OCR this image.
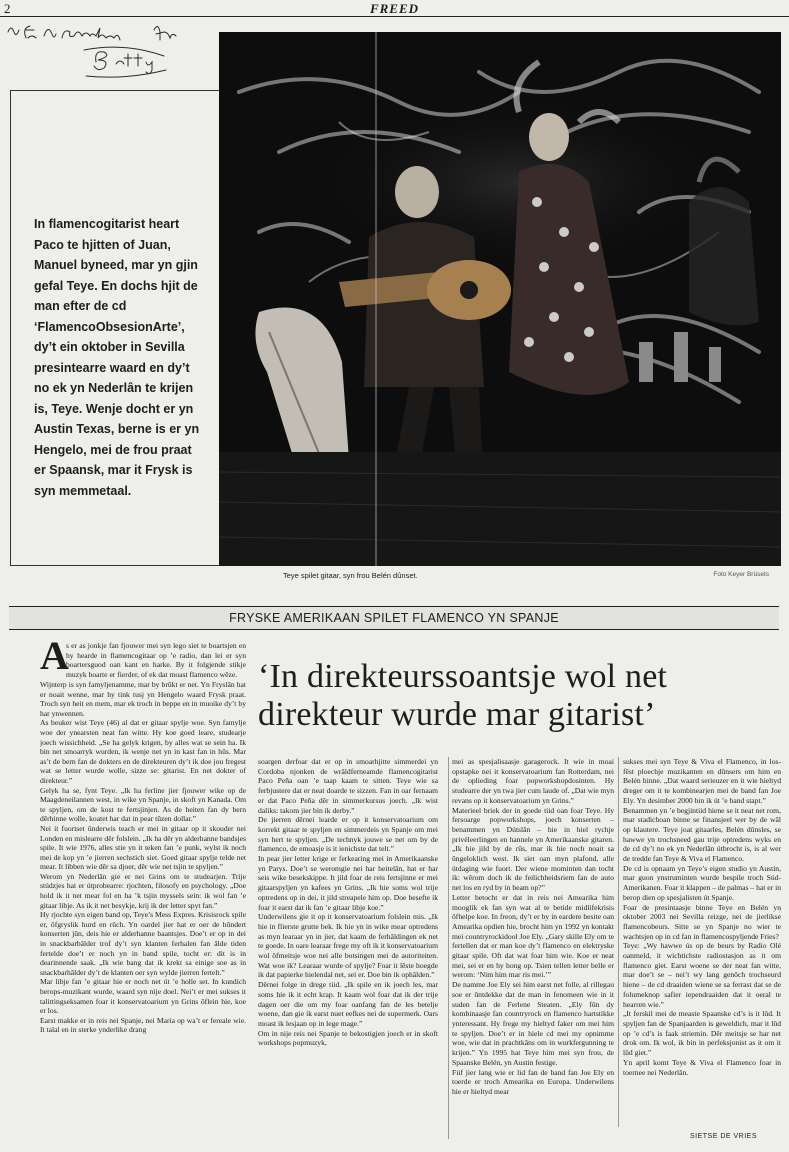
2	FREED
In flamencogitarist heart Paco te hjitten of Juan, Manuel byneed, mar yn gjin gefal Teye. En dochs hjit de man efter de cd ‘FlamencoObsesionArte’, dy’t ein oktober in Sevilla presintearre waard en dy’t no ek yn Nederlân te krijen is, Teye. Wenje docht er yn Austin Texas, berne is er yn Hengelo, mei de frou praat er Spaansk, mar it Frysk is syn memmetaal.
Teye spilet gitaar, syn frou Belén dûnset.	Foto Keyer Brüsets
FRYSKE AMERIKAAN SPILET FLAMENCO YN SPANJE
A
s er as jonkje fan fjouwer mei syn lego siet te boartsjen en hy hearde in flamencogitaar op ’e radio, dan lei er syn boartersguod oan kant en harke. By it folgjende stikje muzyk boarte er fierder, of ek dat moast flamenco wêze.

Wijnterp is syn famyljenamme, mar by brûkt er net. Yn Fryslân hat er noait wenne, mar hy tink tusj yn Hengelo waard Frysk praat. Troch syn heit en mem, mar ek troch in beppe en in muoike dy’t by har ynwennen.

As beuker wist Teye (46) al dat er gitaar spylje woe. Syn famylje woe der ynearsten neat fan witte. Hy koe goed leare, studearje joech wissichheid. „Se ha gelyk krigen, by alles wat se sein ha. Ik bin net smoarryk wurden, ik wenje net yn in kast fan in hûs. Mar as’t de bern fan de dokters en de direkteuren dy’t ik doe jou fregest wat se letter wurde wolle, sizze se: gitarist. En net dokter of direkteur.”

Gelyk ha se, fynt Teye. „Ik ha ferline jier fjouwer wike op de Maagdeneilannen west, in wike yn Spanje, in skoft yn Kanada. Om te spyljen, om de kost te fertsjinjen. As de heiten fan dy bern dêrhinne wolle, koatet har dat in pear tûzen dollar.”

Nei it fuortset ûnderwis teach er mei in gitaar op it skouder nei Londen en mislearre dêr folslein. „Ik ha dêr yn alderhanne bandsjes spile. It wie 1976, alles stie yn it teken fan ’e punk, wylst ik noch mei de kop yn ’e jierren sechstich siet. Goed gitaar spylje telde net mear. It libben wie dêr sa djoer, dêr wie net tsjin te spyljen.”

Werom yn Nederlân gie er nei Grins om te studearjen. Trije stúdzjes hat er útprobearre: rjochten, filosofy en psychology. „Doe hold ik it net mear fol en ha ’k tsjin myssels sein: ik wol fan ’e gitaar libje. As ik it net besykje, krij ik der letter spyt fan.”

Hy rjochte syn eigen band op, Teye’s Mess Expres. Krisisrock spile er, ôfgryslik hurd en rûch. Yn oardel jier hat er oer de hûndert konserten jûn, deis hie er alderhanne baantsjes. Doe’t er op in dei in snackbarbâlder trof dy’t syn klanten ferhalen fan âlde tiden fertelde doe’t er noch yn in band spile, tocht er: dit is in dearinnende saak. „Ik wie bang dat ik krekt sa einige soe as in snackbarhâlder dy’t de klanten oer syn wylde jierren fertelt.”

Mar libje fan ’e gitaar hie er noch net út ’e holle set. In kundich berops-muzikant wurde, waard syn nije doel. Nei’t er mei sukses it talittingseksamen foar it konservatoarium yn Grins ôflein hie, koe er los.

Earst makke er in reis nei Spanje, nei Maria op wa’t er fereale wie. It talal en in sterke ynderlike drang

‘In direkteurssoantsje wol net direkteur wurde mar gitarist’

soargen derfoar dat er op in smoarhjitte simmerdei yn Cordoba njonken de wrâldferneamde flamencogitarist Paco Peña oan ’e taap kaam te sitten. Teye wie sa ferbjustere dat er neat doarde te sizzen. Fan in oar fernaam er dat Paco Peña dêr in simmerkursus joech. „Ik wist daliks: takom jier bin ik derby.”

De jierren dêrnei learde er op it konservatoarium om korrekt gitaar te spyljen en simmerdeis yn Spanje om mei syn hert te spyljen. „De technyk jouwe se net om by de flamenco, de emoasje is it ienichste dat telt.”

In pear jier letter krige er ferkearing mei in Amerikaanske yn Parys. Doe’t se weromgie nei har heitelân, hat er har seis wike besekskippe. It jild foar de reis fertsjinne er mei gitaarspyljen yn kafees yn Grins. „Ik hie soms wol trije optredens op in dei, it jild streapele him op. Doe besefte ik foar it earst dat ik fan ’e gitaar libje koe.”

Underwilens gie it op it konservatoarium folslein mis. „Ik hie in flierste grutte bek. Ik hie yn in wike mear optredens as myn learaar yn in jier, dat kaam de ferhâldingen ek net te goede. In oare learaar frege my oft ik it konservatoarium wol ôfmeitsje woe nei alle botsingen mei de autoriteiten. Wat woe ik? Learaar wurde of spylje? Foar it lêste hoegde ik dat papierke hielendal net, sei er. Doe bin ik ophâlden.”

Dêrnei folge in drege tiid. „Ik spile en ik joech les, mar soms hie ik it echt krap. It kaam wol foar dat ik der trije dagen oer die om my foar oanfang fan de les betelje woene, dan gie ik earst nuet eefkes nei de supermerk. Oars moast ik lesjaan op in lege mage.”

Om in nije reis nei Spanje te bekostigjen joech er in skoft workshops popmuzyk,

mei as spesjalisaasje garagerock. It wie in moai opstapke nei it konservatoarium fan Rotterdam, nei de oplieding foar popworkshopdosinten. Hy studearre der yn twa jier cum laude of. „Dat wie myn revans op it konservatoarium yn Grins.”

Materieel briek der in goede tiid oan foar Teye. Hy fersoarge popworkshops, joech konserten – benammen yn Dútslân – hie in hiel rychje privéleerlingen en hannele yn Amerikaanske gitaren. „Ik hie jild by de rûs, mar ik hie noch noait sa ûngeloklich west. Ik siet oan myn plafond, alle útdaging wie fuort. Der wiene mominten dan tocht ik: wêrom doch ik de feilichheidsriem fan de auto net los en ryd by in beam op?”

Letter betocht er dat in reis nei Amearika him mooglik ek fan syn wat al te betide midlifekrisis ôfhelpe koe. In freon, dy’t er by in eardere besite oan Amearika opdien hie, brocht him yn 1992 yn kontakt mei countryrockidool Joe Ely. „Gary skille Ely om te fertellen dat er man koe dy’t flamenco en elektryske gitaar spile. Oft dat wat foar him wie. Koe er neat mei, sei er en hy hong op. Tsien tellen letter belle er werom: ‘Nim him mar ris mei.’”

De namme Joe Ely sei him earst net folle, al rillegau soe er ûntdekke dat de man in fenomeen wie in it suden fan de Ferlene Steaten. „Ely fûn dy kombinaasje fan countryrock en flamenco hartstikke ynteressant. Hy frege my hieltyd faker om mei him te spyljen. Doe’t er in hiele cd mei my opnimme woe, wie dat in prachtkâns om in wurkfergunning te krijen.” Yn 1995 hat Teye him mei syn frou, de Spaanske Belén, yn Austin festige.

Fiif jier lang wie er lid fan de band fan Joe Ely en toerde er troch Amearika en Europa. Underwilens hie er hieltyd mear

sukses mei syn Teye & Viva el Flamenco, in los-fêst ploechje muzikanten en dûnsers om him en Belén hinne. „Dat waard serieuzer en it wie hieltyd dreger om it te kombinearjen mei de band fan Joe Ely. Yn desimber 2000 bin ik út ’e band stapt.”

Benammen yn ’e begjintiid hiene se it neat net rom, mar stadichoan binne se finansjeel wer by de wâl op klautere. Teye joat gitaarles, Belén dûnsles, se hawwe yn trochsneed gau trije optredens wyks en de cd dy’t no ek yn Nederlân útbrocht is, is al wer de tredde fan Teye & Viva el Flamenco.

De cd is opnaam yn Teye’s eigen studio yn Austin, mar guon ynstruminten wurde bespile troch Súd-Amerikanen. Foar it klappen – de palmas – hat er in berop dien op spesjalisten út Spanje.

Foar de presintaasje binne Teye en Belén yn oktober 2003 nei Sevilla reizge, nei de jierlikse flamencobeurs. Sitte se yn Spanje no wier te wachtsjen op in cd fan in flamencospyljende Fries?

Teye: „Wy hawwe ús op de beurs by Radio Olé oanmeld, it wichtichste radiostasjon as it om flamenco giet. Earst woene se der neat fan witte, mar doe’t se – nei’t wy lang genôch trochseurd hiene – de cd draaiden wiene se sa ferrast dat se de folumeknop safier iependraaiden dat it oeral te hearren wie.”

„It ferskil mei de measte Spaanske cd’s is it lûd. It spyljen fan de Spanjaarden is geweldich, mar it lûd op ’e cd’s is faak striemin. Dêr meitsje se har net drok om. Ik wol, ik bin in perfeksjonist as it om it lûd giet.”

Yn april komt Teye & Viva el Flamenco foar in toernee nei Nederlân.

SIETSE DE VRIES
